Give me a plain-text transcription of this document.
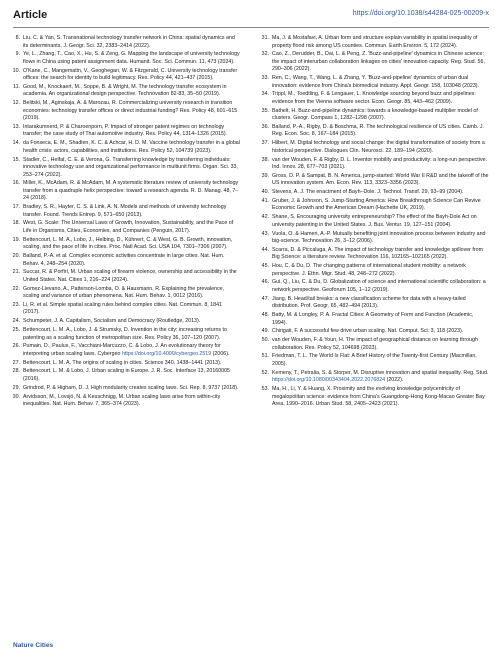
Article	https://doi.org/10.1038/s44284-025-00209-x
8. Liu, C. & Yan, S. Transnational technology transfer network in China: spatial dynamics and its determinants. J. Geogr. Sci. 32, 2383–2414 (2022).
9. Ye, L., Zhang, T., Cao, X., Hu, S. & Zeng, G. Mapping the landscape of university technology flows in China using patent assignment data. Humanit. Soc. Sci. Commun. 11, 473 (2024).
10. O'Kane, C., Mangematin, V., Geoghegan, W. & Fitzgerald, C. University technology transfer offices: the search for identity to build legitimacy. Res. Policy 44, 421–437 (2015).
11. Good, M., Knockaert, M., Soppe, B. & Wright, M. The technology transfer ecosystem in academia. An organizational design perspective. Technovation 82-83, 35–50 (2019).
12. Belitski, M., Aginskaja, A. & Marozau, R. Commercializing university research in transition economies: technology transfer offices or direct industrial funding? Res. Policy 48, 601–615 (2019).
13. Intarakumnerd, P. & Charoenporn, P. Impact of stronger patent regimes on technology transfer; the case study of Thai automotive industry. Res. Policy 44, 1314–1326 (2015).
14. da Fonseca, E. M., Shadlen, K. C. & Achcar, H. D. M. Vaccine technology transfer in a global health crisis: actors, capabilities, and institutions. Res. Policy 52, 104739 (2023).
15. Stadler, C., Helfat, C. E. & Verona, G. Transferring knowledge by transferring individuals: innovative technology use and organizational performance in multiunit firms. Organ. Sci. 33, 253–274 (2022).
16. Miller, K., McAdam, R. & McAdam, M. A systematic literature review of university technology transfer from a quadruple helix perspective: toward a research agenda. R. D. Manag. 48, 7–24 (2018).
17. Bradley, S. R., Hayter, C. S. & Link, A. N. Models and methods of university technology transfer. Found. Trends Entrep. 9, 571–650 (2013).
18. West, G. Scale: The Universal Laws of Growth, Innovation, Sustainability, and the Pace of Life in Organisms, Cities, Economies, and Companies (Penguin, 2017).
19. Bettencourt, L. M. A., Lobo, J., Helbing, D., Kühnert, C. & West, G. B. Growth, innovation, scaling, and the pace of life in cities. Proc. Natl Acad. Sci. USA 104, 7301–7306 (2007).
20. Balland, P.-A. et al. Complex economic activities concentrate in large cities. Nat. Hum. Behav. 4, 248–254 (2020).
21. Succar, R. & Porfiri, M. Urban scaling of firearm violence, ownership and accessibility in the United States. Nat. Cities 1, 216–224 (2024).
22. Gomez-Lievano, A., Patterson-Lomba, O. & Hausmann, R. Explaining the prevalence, scaling and variance of urban phenomena. Nat. Hum. Behav. 1, 0012 (2016).
23. Li, R. et al. Simple spatial scaling rules behind complex cities. Nat. Commun. 8, 1841 (2017).
24. Schumpeter, J. A. Capitalism, Socialism and Democracy (Routledge, 2013).
25. Bettencourt, L. M. A., Lobo, J. & Strumsky, D. Invention in the city: increasing returns to patenting as a scaling function of metropolitan size. Res. Policy 36, 107–120 (2007).
26. Pumain, D., Paulus, F., Vacchiani-Marcuzzo, C. & Lobo, J. An evolutionary theory for interpreting urban scaling laws. Cybergeo https://doi.org/10.4000/cybergeo.2519 (2006).
27. Bettencourt, L. M. A. The origins of scaling in cities. Science 340, 1438–1441 (2013).
28. Bettencourt, L. M. & Lobo, J. Urban scaling in Europe. J. R. Soc. Interface 13, 20160005 (2016).
29. Grindrod, P. & Higham, D. J. High modularity creates scaling laws. Sci. Rep. 8, 9737 (2018).
30. Arvidsson, M., Lovsjö, N. & Keuschnigg, M. Urban scaling laws arise from within-city inequalities. Nat. Hum. Behav. 7, 365–374 (2023).
31. Ma, J. & Mostafavi, A. Urban form and structure explain variability in spatial inequality of property flood risk among US counties. Commun. Earth Environ. 5, 172 (2024).
32. Cao, Z., Derudder, B., Dai, L. & Peng, Z. 'Buzz-and-pipeline' dynamics in Chinese science: the impact of interurban collaboration linkages on cities' innovation capacity. Reg. Stud. 56, 290–306 (2022).
33. Ren, C., Wang, T., Wang, L. & Zhang, Y. 'Buzz-and-pipeline' dynamics of urban dual innovation: evidence from China's biomedical industry. Appl. Geogr. 158, 103048 (2023).
34. Trippl, M., Toedtling, F. & Lengauer, L. Knowledge sourcing beyond buzz and pipelines: evidence from the Vienna software sector. Econ. Geogr. 85, 443–462 (2009).
35. Bathelt, H. Buzz-and-pipeline dynamics: towards a knowledge-based multiplier model of clusters. Geogr. Compass 1, 1282–1298 (2007).
36. Balland, P.-A., Rigby, D. & Boschma, R. The technological resilience of US cities. Camb. J. Reg. Econ. Soc. 8, 167–184 (2015).
37. Hilbert, M. Digital technology and social change: the digital transformation of society from a historical perspective. Dialogues Clin. Neurosci. 22, 189–194 (2020).
38. van der Wouden, F. & Rigby, D. L. Inventor mobility and productivity: a long-run perspective. Ind. Innov. 28, 677–703 (2021).
39. Gross, D. P. & Sampat, B. N. America, jump-started: World War II R&D and the takeoff of the US innovation system. Am. Econ. Rev. 113, 3323–3356 (2023).
40. Stevens, A. J. The enactment of Bayh–Dole. J. Technol. Transf. 29, 93–99 (2004).
41. Gruber, J. & Johnson, S. Jump-Starting America: How Breakthrough Science Can Revive Economic Growth and the American Dream (Hachette UK, 2019).
42. Shane, S. Encouraging university entrepreneurship? The effect of the Bayh-Dole Act on university patenting in the United States. J. Bus. Ventur. 19, 127–151 (2004).
43. Vuola, O. & Hameri, A.-P. Mutually benefiting joint innovation process between industry and big-science. Technovation 26, 3–12 (2006).
44. Scarra, D. & Piccaluga, A. The impact of technology transfer and knowledge spillover from Big Science: a literature review. Technovation 116, 102165–102165 (2022).
45. Hou, C. & Du, D. The changing patterns of international student mobility: a network perspective. J. Ethn. Migr. Stud. 48, 248–272 (2022).
46. Gui, Q., Liu, C. & Du, D. Globalization of science and international scientific collaboration: a network perspective. Geoforum 105, 1–12 (2019).
47. Jiang, B. Head/tail breaks: a new classification scheme for data with a heavy-tailed distribution. Prof. Geogr. 65, 482–494 (2013).
48. Batty, M. & Longley, P. A. Fractal Cities: A Geometry of Form and Function (Academic, 1994).
49. Chirigati, F. A successful few drive urban scaling. Nat. Comput. Sci. 3, 118 (2023).
50. van der Wouden, F. & Youn, H. The impact of geographical distance on learning through collaboration. Res. Policy 52, 104698 (2023).
51. Friedman, T. L. The World Is Flat: A Brief History of the Twenty-first Century (Macmillan, 2005).
52. Kemeny, T., Petralia, S. & Storper, M. Disruptive innovation and spatial inequality. Reg. Stud. https://doi.org/10.1080/00343404.2022.2076824 (2022).
53. Ma, H., Li, Y. & Huang, X. Proximity and the evolving knowledge polycentricity of megalopolitan science: evidence from China's Guangdong-Hong Kong-Macao Greater Bay Area, 1990–2016. Urban Stud. 58, 2405–2423 (2021).
Nature Cities
